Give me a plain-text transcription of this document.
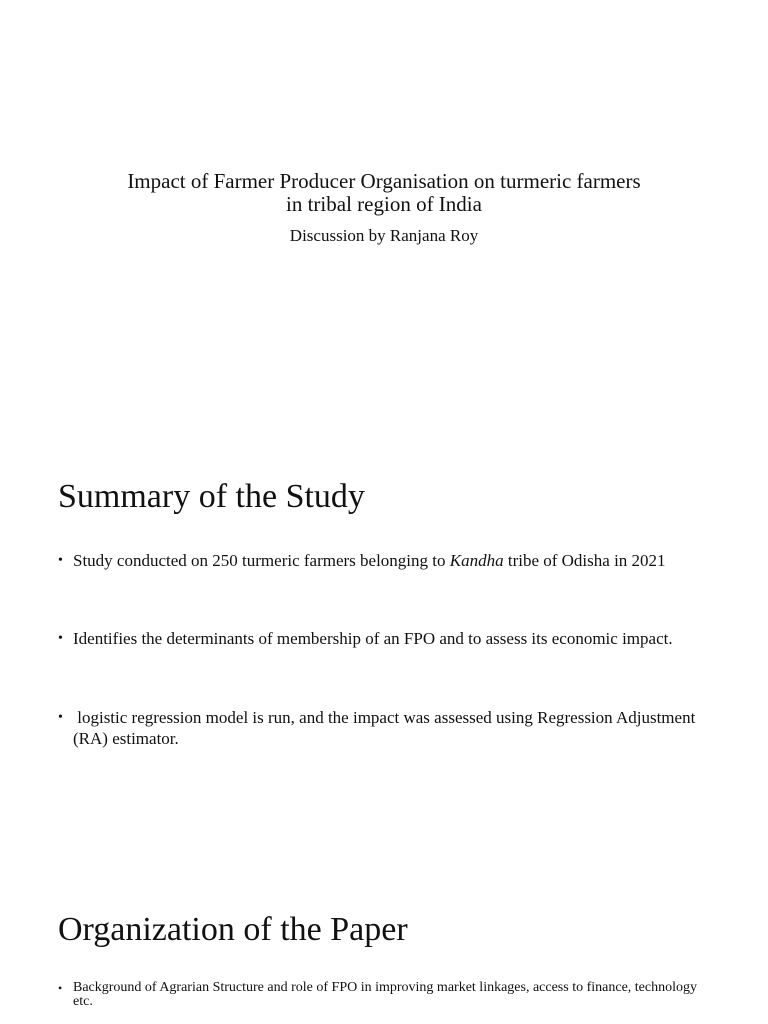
Impact of Farmer Producer Organisation on turmeric farmers

in tribal region of India

Discussion by Ranjana Roy
Summary of the Study
• Study conducted on 250 turmeric farmers belonging to Kandha tribe of Odisha in 2021
• Identifies the determinants of membership of an FPO and to assess its economic impact.
• logistic regression model is run, and the impact was assessed using Regression Adjustment (RA) estimator.
Organization of the Paper
• Background of Agrarian Structure and role of FPO in improving market linkages, access to finance, technology etc.
